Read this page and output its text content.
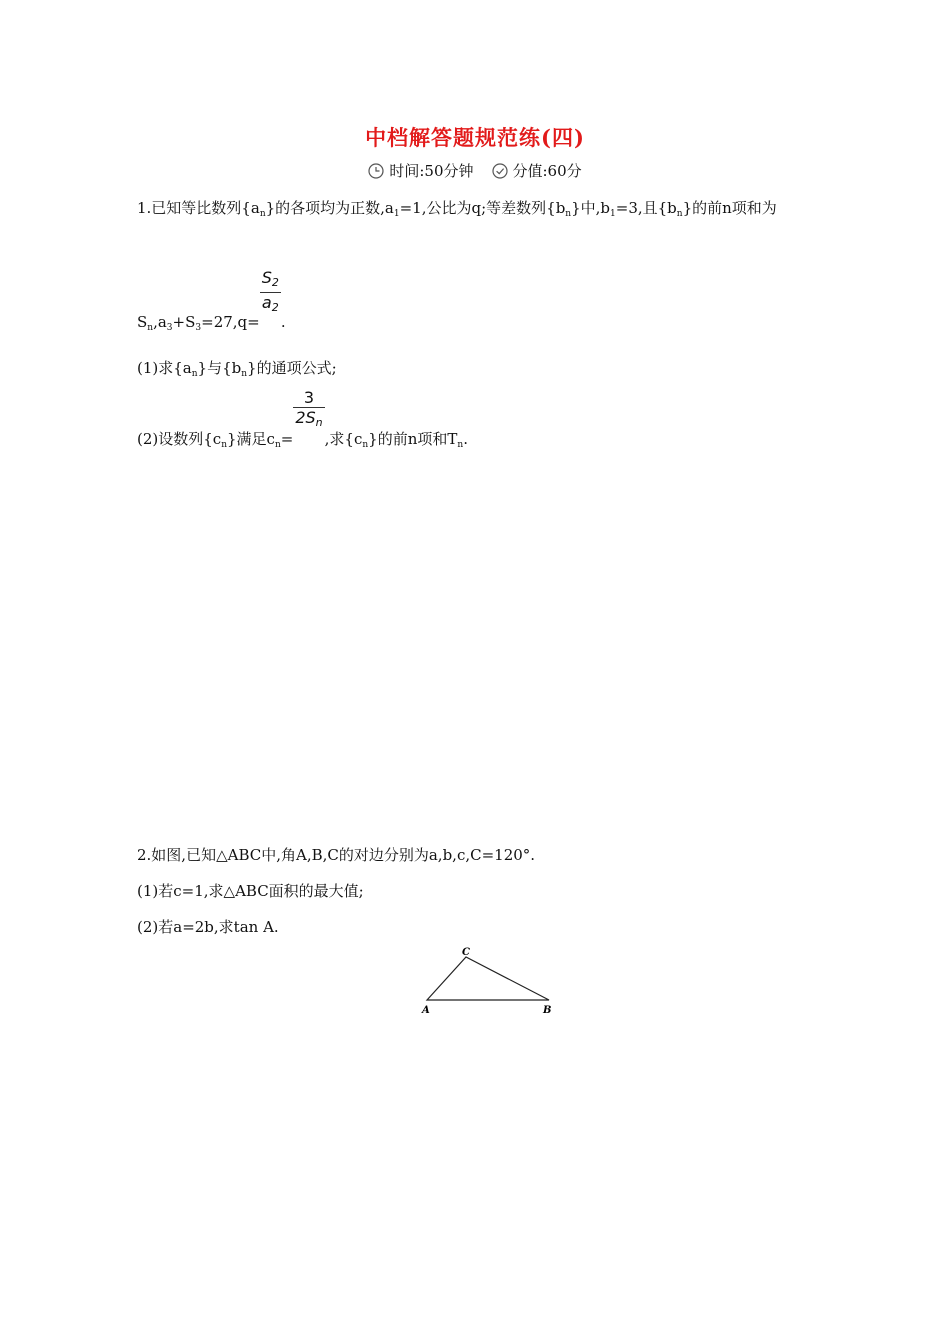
中档解答题规范练(四)
时间:50分钟	分值:60分
1.已知等比数列$\{a_n\}$的各项均为正数$,a_1=1$,公比为q;等差数列$\{b_n\}$中$,b_1=3$,且$\{b_n\}$的前n项和为
$S_n,a_3+S_3=27,q=$
$\frac{S2}{a2}$
.
(1)求$\{a_n\}$与$\{b_n\}$的通项公式;
(2)设数列$\{c_n\}$满足$c_n=$
$\frac{3}{2Sn}$
,求$\{c_n\}$的前n项和$T_n$.
2.如图,已知△ABC中,角A,B,C的对边分别为a,b,c,C=120°.
(1)若c=1,求△ABC面积的最大值;
(2)若a=2b,求tan A.
A	B
C
